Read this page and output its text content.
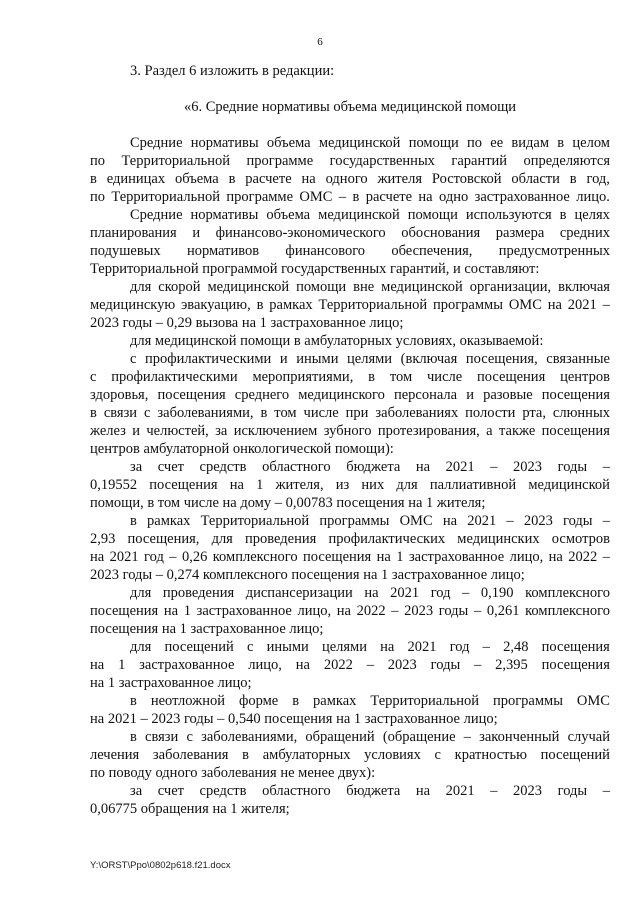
6
3. Раздел 6 изложить в редакции:
«6. Средние нормативы объема медицинской помощи
Средние нормативы объема медицинской помощи по ее видам в целом
по Территориальной программе государственных гарантий определяются
в единицах объема в расчете на одного жителя Ростовской области в год,
по Территориальной программе ОМС – в расчете на одно застрахованное лицо.
Средние нормативы объема медицинской помощи используются в целях
планирования и финансово-экономического обоснования размера средних
подушевых нормативов финансового обеспечения, предусмотренных
Территориальной программой государственных гарантий, и составляют:
для скорой медицинской помощи вне медицинской организации, включая
медицинскую эвакуацию, в рамках Территориальной программы ОМС на 2021 –
2023 годы – 0,29 вызова на 1 застрахованное лицо;
для медицинской помощи в амбулаторных условиях, оказываемой:
с профилактическими и иными целями (включая посещения, связанные
с профилактическими мероприятиями, в том числе посещения центров
здоровья, посещения среднего медицинского персонала и разовые посещения
в связи с заболеваниями, в том числе при заболеваниях полости рта, слюнных
желез и челюстей, за исключением зубного протезирования, а также посещения
центров амбулаторной онкологической помощи):
за счет средств областного бюджета на 2021 – 2023 годы –
0,19552 посещения на 1 жителя, из них для паллиативной медицинской
помощи, в том числе на дому – 0,00783 посещения на 1 жителя;
в рамках Территориальной программы ОМС на 2021 – 2023 годы –
2,93 посещения, для проведения профилактических медицинских осмотров
на 2021 год – 0,26 комплексного посещения на 1 застрахованное лицо, на 2022 –
2023 годы – 0,274 комплексного посещения на 1 застрахованное лицо;
для проведения диспансеризации на 2021 год – 0,190 комплексного
посещения на 1 застрахованное лицо, на 2022 – 2023 годы – 0,261 комплексного
посещения на 1 застрахованное лицо;
для посещений с иными целями на 2021 год – 2,48 посещения
на 1 застрахованное лицо, на 2022 – 2023 годы – 2,395 посещения
на 1 застрахованное лицо;
в неотложной форме в рамках Территориальной программы ОМС
на 2021 – 2023 годы – 0,540 посещения на 1 застрахованное лицо;
в связи с заболеваниями, обращений (обращение – законченный случай
лечения заболевания в амбулаторных условиях с кратностью посещений
по поводу одного заболевания не менее двух):
за счет средств областного бюджета на 2021 – 2023 годы –
0,06775 обращения на 1 жителя;
Y:\ORST\Ppo\0802p618.f21.docx
